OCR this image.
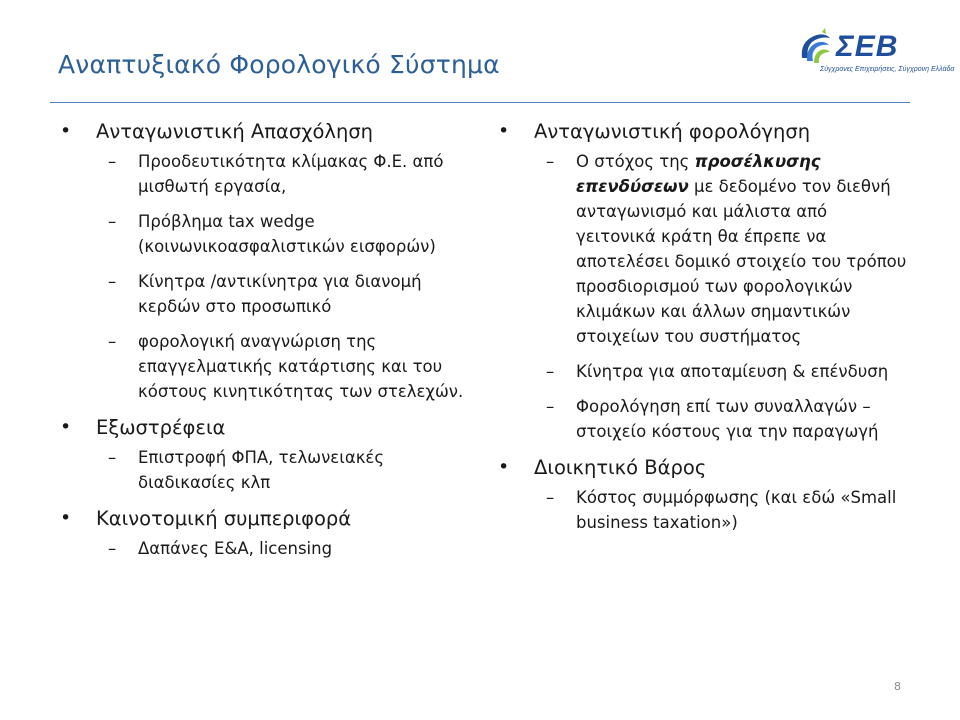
Αναπτυξιακό Φορολογικό Σύστημα
ΣΕΒ
Σύγχρονες Επιχειρήσεις, Σύγχρονη Ελλάδα
• Ανταγωνιστική Απασχόληση
– Προοδευτικότητα κλίμακας Φ.Ε. από μισθωτή εργασία,
– Πρόβλημα tax wedge (κοινωνικοασφαλιστικών εισφορών)
– Κίνητρα /αντικίνητρα για διανομή κερδών στο προσωπικό
– φορολογική αναγνώριση της επαγγελματικής κατάρτισης και του κόστους κινητικότητας των στελεχών.
• Εξωστρέφεια
– Επιστροφή ΦΠΑ, τελωνειακές διαδικασίες κλπ
• Καινοτομική συμπεριφορά
– Δαπάνες Ε&Α, licensing
• Ανταγωνιστική φορολόγηση
– Ο στόχος της προσέλκυσης επενδύσεων με δεδομένο τον διεθνή ανταγωνισμό και μάλιστα από γειτονικά κράτη θα έπρεπε να αποτελέσει δομικό στοιχείο του τρόπου προσδιορισμού των φορολογικών κλιμάκων και άλλων σημαντικών στοιχείων του συστήματος
– Κίνητρα για αποταμίευση & επένδυση
– Φορολόγηση επί των συναλλαγών – στοιχείο κόστους για την παραγωγή
• Διοικητικό Βάρος
– Κόστος συμμόρφωσης (και εδώ «Small business taxation»)
8
